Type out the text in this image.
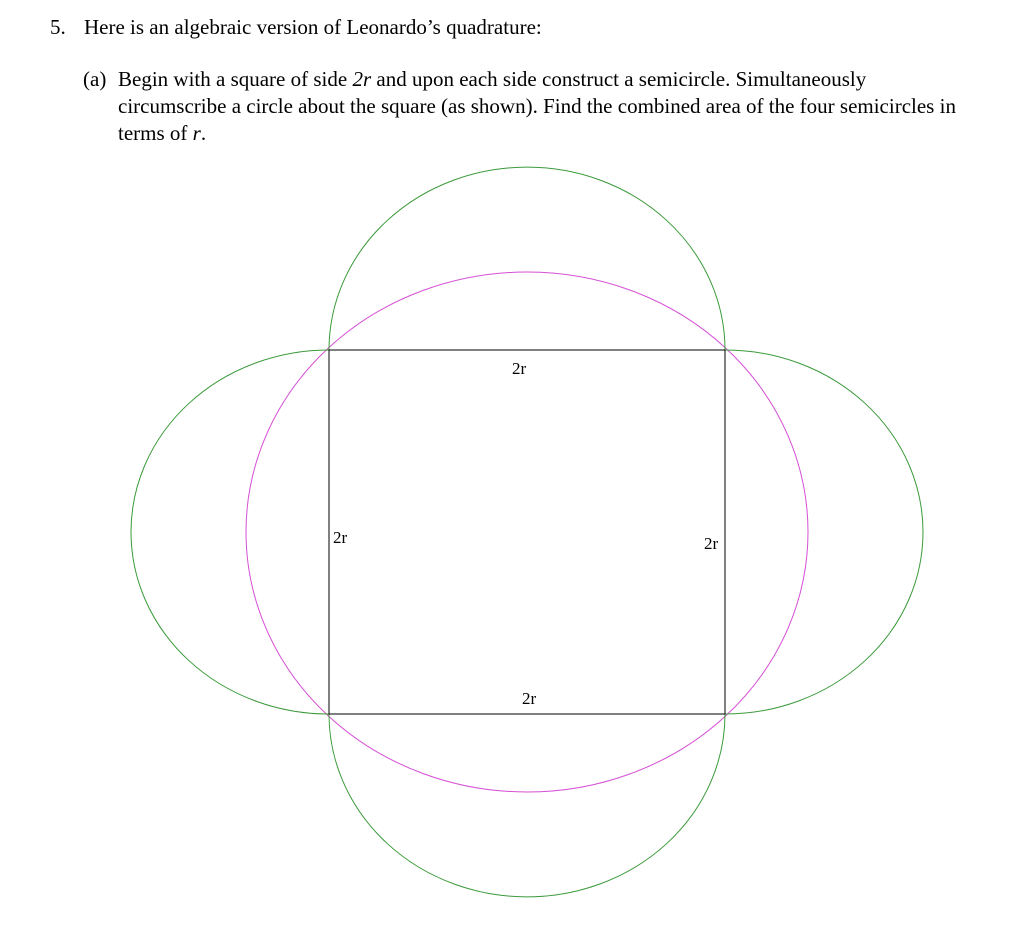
5. Here is an algebraic version of Leonardo’s quadrature:
(a) Begin with a square of side 2r and upon each side construct a semicircle. Simultaneously circumscribe a circle about the square (as shown). Find the combined area of the four semicircles in terms of r.
2r
2r	2r
2r
